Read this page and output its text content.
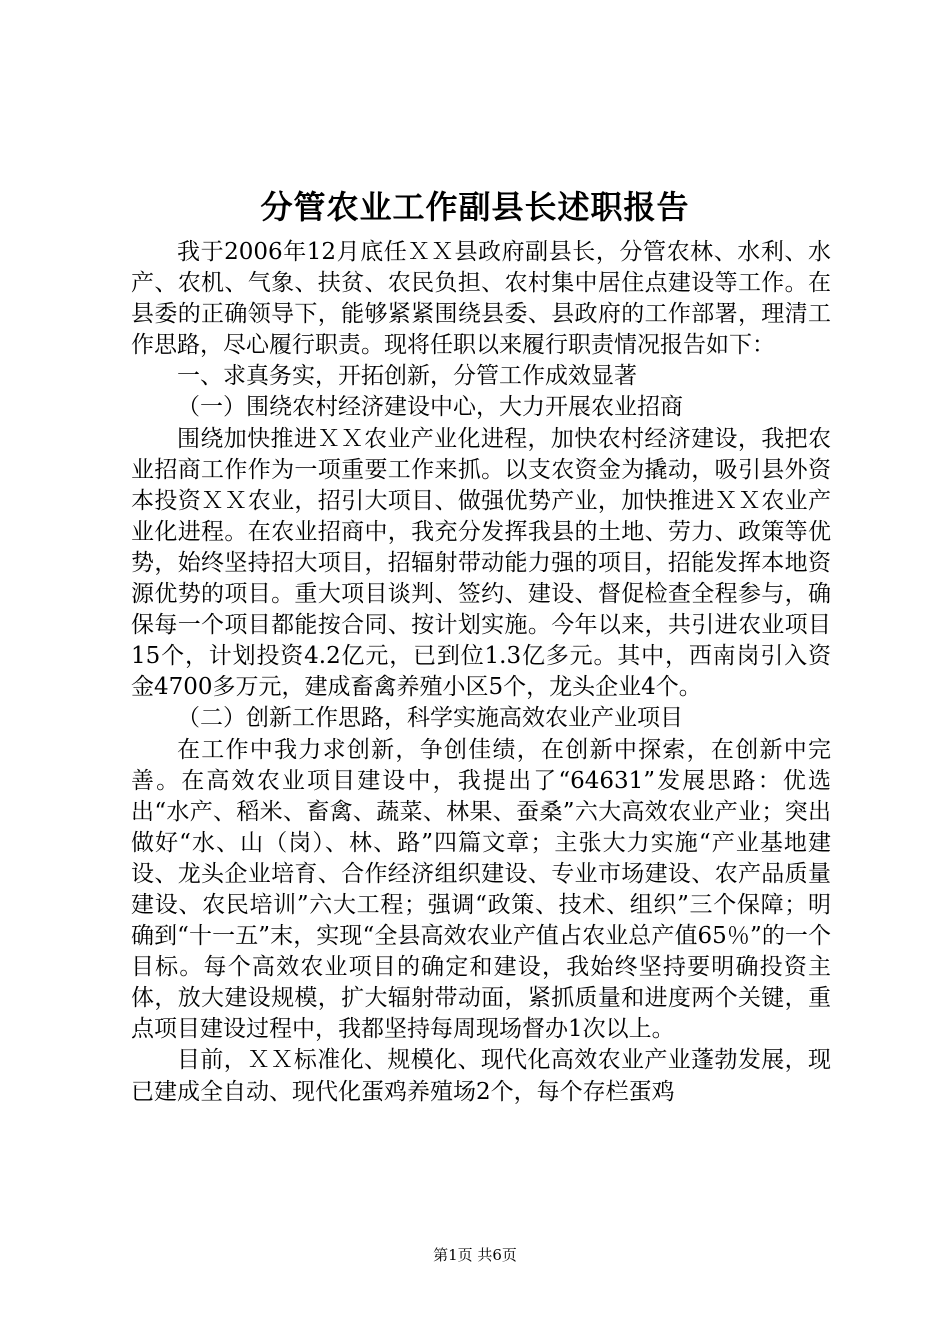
分管农业工作副县长述职报告

我于2006年12月底任ＸＸ县政府副县长，分管农林、水利、水产、农机、气象、扶贫、农民负担、农村集中居住点建设等工作。在县委的正确领导下，能够紧紧围绕县委、县政府的工作部署，理清工作思路，尽心履行职责。现将任职以来履行职责情况报告如下：

一、求真务实，开拓创新，分管工作成效显著

（一）围绕农村经济建设中心，大力开展农业招商

围绕加快推进ＸＸ农业产业化进程，加快农村经济建设，我把农业招商工作作为一项重要工作来抓。以支农资金为撬动，吸引县外资本投资ＸＸ农业，招引大项目、做强优势产业，加快推进ＸＸ农业产业化进程。在农业招商中，我充分发挥我县的土地、劳力、政策等优势，始终坚持招大项目，招辐射带动能力强的项目，招能发挥本地资源优势的项目。重大项目谈判、签约、建设、督促检查全程参与，确保每一个项目都能按合同、按计划实施。今年以来，共引进农业项目15个，计划投资4.2亿元，已到位1.3亿多元。其中，西南岗引入资金4700多万元，建成畜禽养殖小区5个，龙头企业4个。

（二）创新工作思路，科学实施高效农业产业项目

在工作中我力求创新，争创佳绩，在创新中探索，在创新中完善。在高效农业项目建设中，我提出了“64631”发展思路：优选出“水产、稻米、畜禽、蔬菜、林果、蚕桑”六大高效农业产业；突出做好“水、山（岗）、林、路”四篇文章；主张大力实施“产业基地建设、龙头企业培育、合作经济组织建设、专业市场建设、农产品质量建设、农民培训”六大工程；强调“政策、技术、组织”三个保障；明确到“十一五”末，实现“全县高效农业产值占农业总产值65％”的一个目标。每个高效农业项目的确定和建设，我始终坚持要明确投资主体，放大建设规模，扩大辐射带动面，紧抓质量和进度两个关键，重点项目建设过程中，我都坚持每周现场督办1次以上。

目前，ＸＸ标准化、规模化、现代化高效农业产业蓬勃发展，现已建成全自动、现代化蛋鸡养殖场2个，每个存栏蛋鸡

第1页 共6页
